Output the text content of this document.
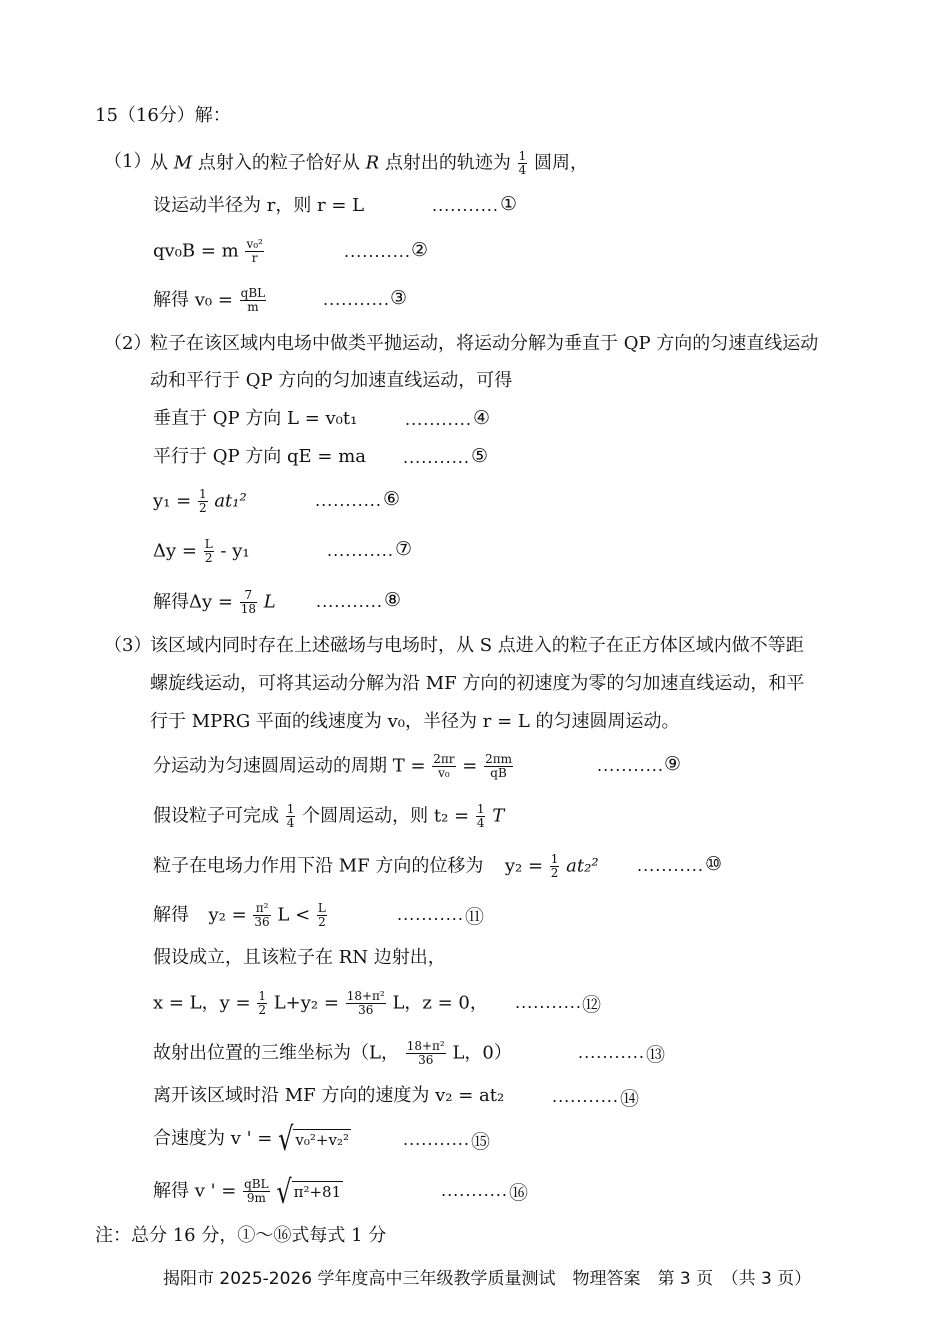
15（16分）解：
（1）
从 M 点射入的粒子恰好从 R 点射出的轨迹为 $\frac{1}{4}$ 圆周，
设运动半径为 r，则 r = L	........... ①
qv₀B = m $\frac{\text{v₀²}}{r}$	........... ②
解得 $v_0 = \frac{\text{qBL}}{m}$	........... ③
（2）
粒子在该区域内电场中做类平抛运动，将运动分解为垂直于 QP 方向的匀速直线运动
动和平行于 QP 方向的匀加速直线运动，可得
垂直于 QP 方向 L = v₀t₁	........... ④
平行于 QP 方向 qE = ma ........... ⑤
$y_1 = \frac{1}{2} at_1^2$	........... ⑥
$\Delta y = \frac{L}{2} - y_1$	........... ⑦
解得$\Delta y = \frac{7}{18}$ L	........... ⑧
（3）
该区域内同时存在上述磁场与电场时，从 S 点进入的粒子在正方体区域内做不等距
螺旋线运动，可将其运动分解为沿 MF 方向的初速度为零的匀加速直线运动，和平
行于 MPRG 平面的线速度为 v₀，半径为 r = L 的匀速圆周运动。
分运动为匀速圆周运动的周期 $T = \frac{2\pi r}{\text{v₀}} = \frac{2\pi m}{qB}$	........... ⑨
假设粒子可完成 $\frac{1}{4}$ 个圆周运动，则 $t_2 = \frac{1}{4}$ T
粒子在电场力作用下沿 MF 方向的位移为 $y_2 = \frac{1}{2} at_2^2$ ........... ⑩
解得 $y_2 = \frac{\text{π²}}{36}$ $L < \frac{L}{2}$	........... ⑪
假设成立，且该粒子在 RN 边射出，
x = L，$y = \frac{1}{2} L+y_2 = \frac{\text{18+π²}}{36}$ L，z = 0， ........... ⑫
故射出位置的三维坐标为（L， $\frac{\text{18+π²}}{36}$ L，0）	........... ⑬
离开该区域时沿 MF 方向的速度为 v₂ = at₂	........... ⑭
合速度为 v ' = √ v₀²+v₂²	........... ⑮
解得 v ' = $\frac{\text{qBL}}{9m}$ √ π²+81	........... ⑯
注：总分 16 分，①～⑯式每式 1 分
揭阳市 2025-2026 学年度高中三年级教学质量测试　物理答案　第 3 页　（共 3 页）
